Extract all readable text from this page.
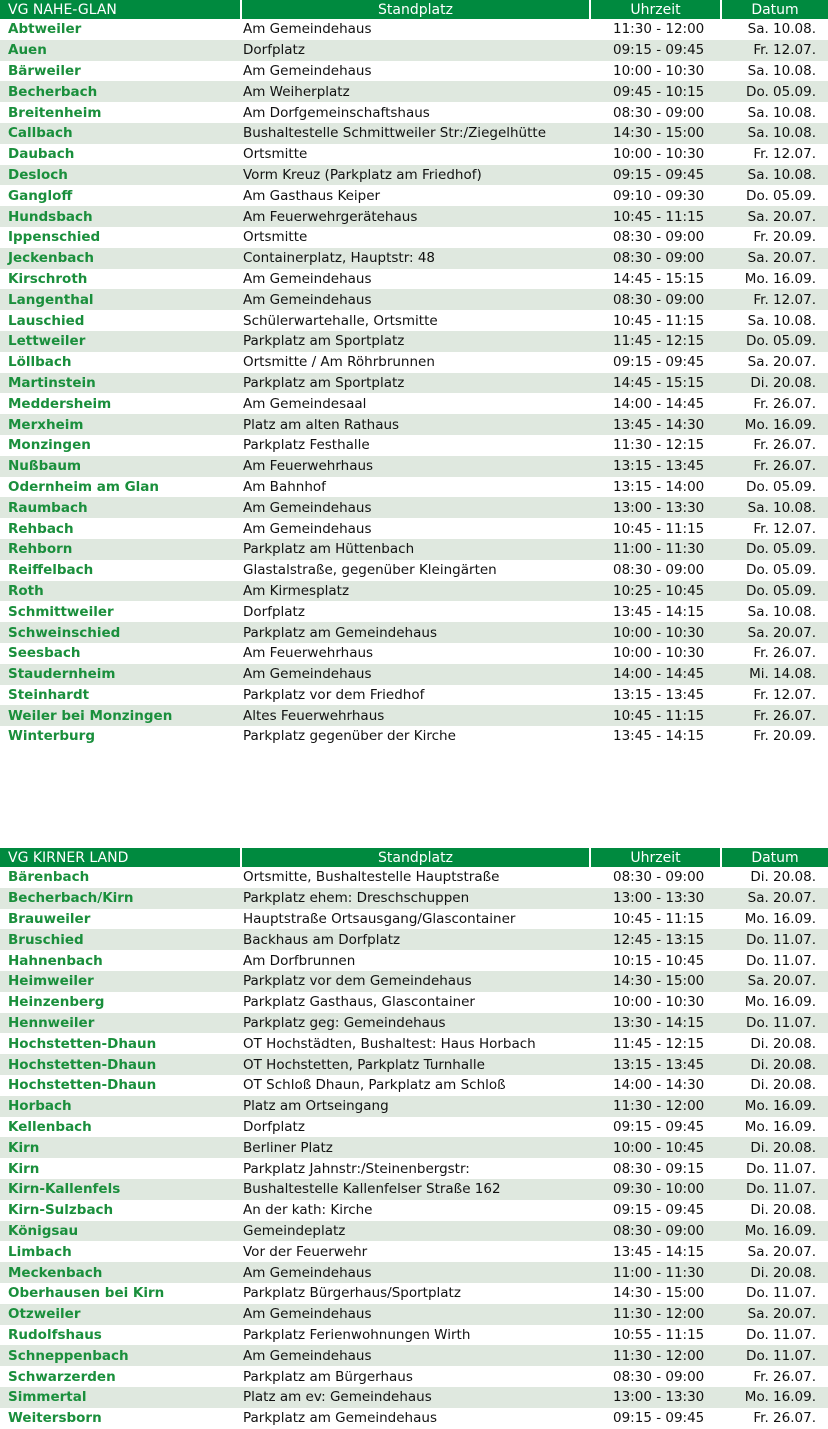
VG NAHE-GLAN	Standplatz	Uhrzeit	Datum
Abtweiler	Am Gemeindehaus	11:30 - 12:00	Sa. 10.08.
Auen	Dorfplatz	09:15 - 09:45	Fr. 12.07.
Bärweiler	Am Gemeindehaus	10:00 - 10:30	Sa. 10.08.
Becherbach	Am Weiherplatz	09:45 - 10:15	Do. 05.09.
Breitenheim	Am Dorfgemeinschaftshaus	08:30 - 09:00	Sa. 10.08.
Callbach	Bushaltestelle Schmittweiler Str:/Ziegelhütte	14:30 - 15:00	Sa. 10.08.
Daubach	Ortsmitte	10:00 - 10:30	Fr. 12.07.
Desloch	Vorm Kreuz (Parkplatz am Friedhof)	09:15 - 09:45	Sa. 10.08.
Gangloff	Am Gasthaus Keiper	09:10 - 09:30	Do. 05.09.
Hundsbach	Am Feuerwehrgerätehaus	10:45 - 11:15	Sa. 20.07.
Ippenschied	Ortsmitte	08:30 - 09:00	Fr. 20.09.
Jeckenbach	Containerplatz, Hauptstr: 48	08:30 - 09:00	Sa. 20.07.
Kirschroth	Am Gemeindehaus	14:45 - 15:15	Mo. 16.09.
Langenthal	Am Gemeindehaus	08:30 - 09:00	Fr. 12.07.
Lauschied	Schülerwartehalle, Ortsmitte	10:45 - 11:15	Sa. 10.08.
Lettweiler	Parkplatz am Sportplatz	11:45 - 12:15	Do. 05.09.
Löllbach	Ortsmitte / Am Röhrbrunnen	09:15 - 09:45	Sa. 20.07.
Martinstein	Parkplatz am Sportplatz	14:45 - 15:15	Di. 20.08.
Meddersheim	Am Gemeindesaal	14:00 - 14:45	Fr. 26.07.
Merxheim	Platz am alten Rathaus	13:45 - 14:30	Mo. 16.09.
Monzingen	Parkplatz Festhalle	11:30 - 12:15	Fr. 26.07.
Nußbaum	Am Feuerwehrhaus	13:15 - 13:45	Fr. 26.07.
Odernheim am Glan	Am Bahnhof	13:15 - 14:00	Do. 05.09.
Raumbach	Am Gemeindehaus	13:00 - 13:30	Sa. 10.08.
Rehbach	Am Gemeindehaus	10:45 - 11:15	Fr. 12.07.
Rehborn	Parkplatz am Hüttenbach	11:00 - 11:30	Do. 05.09.
Reiffelbach	Glastalstraße, gegenüber Kleingärten	08:30 - 09:00	Do. 05.09.
Roth	Am Kirmesplatz	10:25 - 10:45	Do. 05.09.
Schmittweiler	Dorfplatz	13:45 - 14:15	Sa. 10.08.
Schweinschied	Parkplatz am Gemeindehaus	10:00 - 10:30	Sa. 20.07.
Seesbach	Am Feuerwehrhaus	10:00 - 10:30	Fr. 26.07.
Staudernheim	Am Gemeindehaus	14:00 - 14:45	Mi. 14.08.
Steinhardt	Parkplatz vor dem Friedhof	13:15 - 13:45	Fr. 12.07.
Weiler bei Monzingen	Altes Feuerwehrhaus	10:45 - 11:15	Fr. 26.07.
Winterburg	Parkplatz gegenüber der Kirche	13:45 - 14:15	Fr. 20.09.
VG KIRNER LAND	Standplatz	Uhrzeit	Datum
Bärenbach	Ortsmitte, Bushaltestelle Hauptstraße	08:30 - 09:00	Di. 20.08.
Becherbach/Kirn	Parkplatz ehem: Dreschschuppen	13:00 - 13:30	Sa. 20.07.
Brauweiler	Hauptstraße Ortsausgang/Glascontainer	10:45 - 11:15	Mo. 16.09.
Bruschied	Backhaus am Dorfplatz	12:45 - 13:15	Do. 11.07.
Hahnenbach	Am Dorfbrunnen	10:15 - 10:45	Do. 11.07.
Heimweiler	Parkplatz vor dem Gemeindehaus	14:30 - 15:00	Sa. 20.07.
Heinzenberg	Parkplatz Gasthaus, Glascontainer	10:00 - 10:30	Mo. 16.09.
Hennweiler	Parkplatz geg: Gemeindehaus	13:30 - 14:15	Do. 11.07.
Hochstetten-Dhaun	OT Hochstädten, Bushaltest: Haus Horbach	11:45 - 12:15	Di. 20.08.
Hochstetten-Dhaun	OT Hochstetten, Parkplatz Turnhalle	13:15 - 13:45	Di. 20.08.
Hochstetten-Dhaun	OT Schloß Dhaun, Parkplatz am Schloß	14:00 - 14:30	Di. 20.08.
Horbach	Platz am Ortseingang	11:30 - 12:00	Mo. 16.09.
Kellenbach	Dorfplatz	09:15 - 09:45	Mo. 16.09.
Kirn	Berliner Platz	10:00 - 10:45	Di. 20.08.
Kirn	Parkplatz Jahnstr:/Steinenbergstr:	08:30 - 09:15	Do. 11.07.
Kirn-Kallenfels	Bushaltestelle Kallenfelser Straße 162	09:30 - 10:00	Do. 11.07.
Kirn-Sulzbach	An der kath: Kirche	09:15 - 09:45	Di. 20.08.
Königsau	Gemeindeplatz	08:30 - 09:00	Mo. 16.09.
Limbach	Vor der Feuerwehr	13:45 - 14:15	Sa. 20.07.
Meckenbach	Am Gemeindehaus	11:00 - 11:30	Di. 20.08.
Oberhausen bei Kirn	Parkplatz Bürgerhaus/Sportplatz	14:30 - 15:00	Do. 11.07.
Otzweiler	Am Gemeindehaus	11:30 - 12:00	Sa. 20.07.
Rudolfshaus	Parkplatz Ferienwohnungen Wirth	10:55 - 11:15	Do. 11.07.
Schneppenbach	Am Gemeindehaus	11:30 - 12:00	Do. 11.07.
Schwarzerden	Parkplatz am Bürgerhaus	08:30 - 09:00	Fr. 26.07.
Simmertal	Platz am ev: Gemeindehaus	13:00 - 13:30	Mo. 16.09.
Weitersborn	Parkplatz am Gemeindehaus	09:15 - 09:45	Fr. 26.07.
